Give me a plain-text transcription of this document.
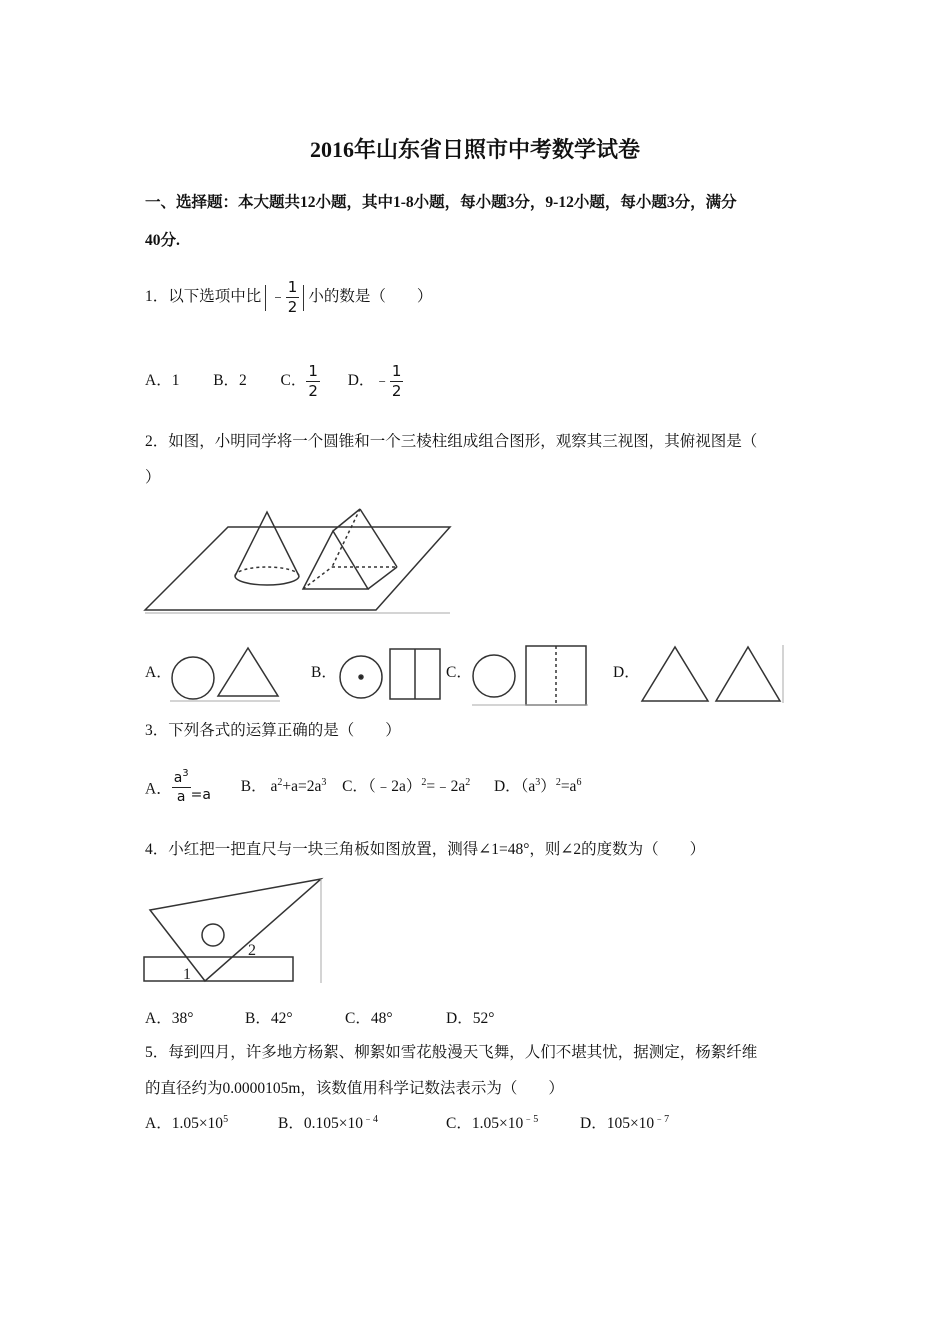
2016年山东省日照市中考数学试卷
一、选择题：本大题共12小题，其中1-8小题，每小题3分，9-12小题，每小题3分，满分
40分.
1．以下选项中比 ﹣ $\frac{1}{2}$ 小的数是（　　）
A．1 B．2 C． $\frac{1}{2}$ D．﹣ $\frac{1}{2}$
2．如图，小明同学将一个圆锥和一个三棱柱组成组合图形，观察其三视图，其俯视图是（
）
A．	B．	C．	D．
3．下列各式的运算正确的是（　　）
A． $\frac{a^3}{a} =a$ B． $a^2+a=2a^3$ C．$(﹣2a)^2=﹣2a^2$ D．$(a^3)^2=a^6$
4．小红把一把直尺与一块三角板如图放置，测得∠1=48°，则∠2的度数为（　　）
1
2
A．38°	B．42°	C．48°	D．52°
5．每到四月，许多地方杨絮、柳絮如雪花般漫天飞舞，人们不堪其忧，据测定，杨絮纤维
的直径约为0.0000105m，该数值用科学记数法表示为（　　）
A．$1.05\times 10^5$	B．$0.105\times 10^{﹣4}$	C．$1.05\times 10^{﹣5}$	D．$105\times 10^{﹣7}$
